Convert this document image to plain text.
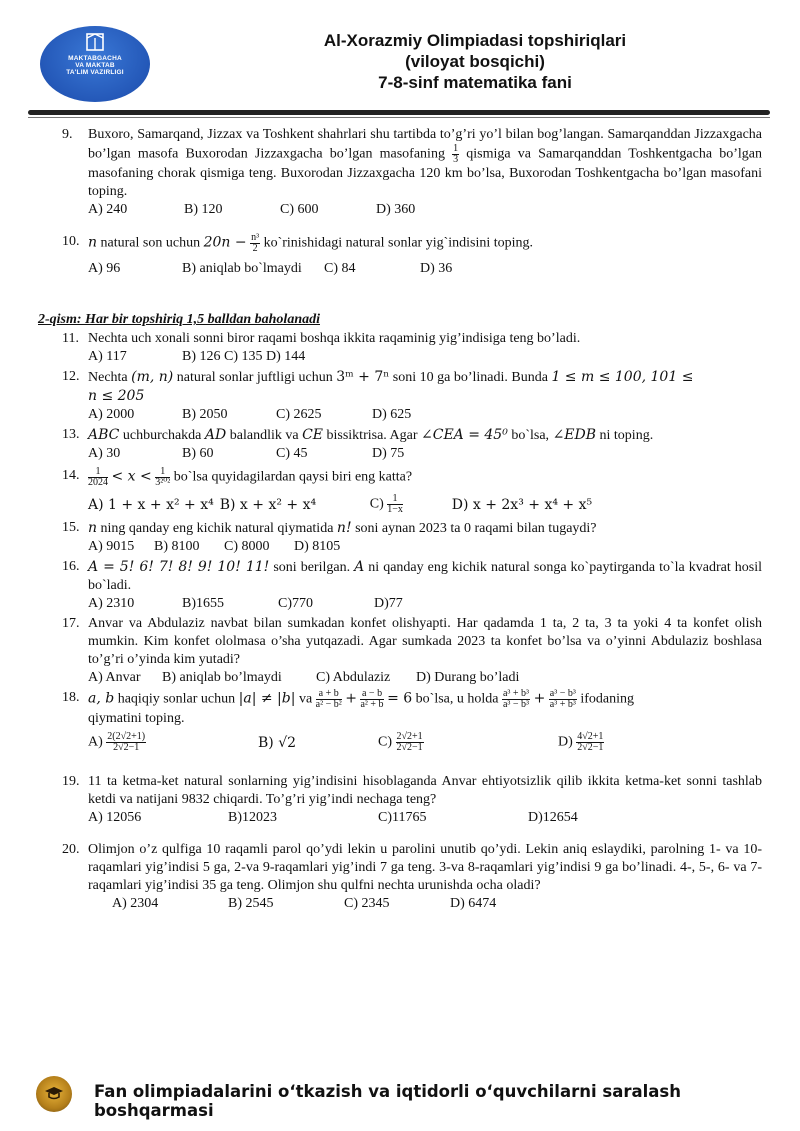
MAKTABGACHA
VA MAKTAB
TA'LIM VAZIRLIGI
Al-Xorazmiy Olimpiadasi topshiriqlari
(viloyat bosqichi)
7-8-sinf matematika fani
9. Buxoro, Samarqand, Jizzax va Toshkent shahrlari shu tartibda to’g’ri yo’l bilan bog’langan. Samarqanddan Jizzaxgacha bo’lgan masofa Buxorodan Jizzaxgacha bo’lgan masofaning $\frac{1}{3}$ qismiga va Samarqanddan Toshkentgacha bo’lgan masofaning chorak qismiga teng. Buxorodan Jizzaxgacha 120 km bo’lsa, Buxorodan Toshkentgacha bo’lgan masofani toping.
A) 240	B) 120	C) 600	D) 360
10. n natural son uchun $20n - \frac{\text{n³}}{2}$ ko`rinishidagi natural sonlar yig`indisini toping.
A) 96	B) aniqlab bo`lmaydi	C) 84	D) 36
2-qism: Har bir topshiriq 1,5 balldan baholanadi
11. Nechta uch xonali sonni biror raqami boshqa ikkita raqaminig yig’indisiga teng bo’ladi.
A) 117	B) 126 C) 135 D) 144
12. Nechta (m, n) natural sonlar juftligi uchun 3ᵐ + 7ⁿ soni 10 ga bo’linadi. Bunda 1 ≤ m ≤ 100, 101 ≤
n ≤ 205
A) 2000	B) 2050	C) 2625	D) 625
13. ABC uchburchakda AD balandlik va CE bissiktrisa. Agar ∠CEA = 45⁰ bo`lsa, ∠EDB ni toping.
A) 30	B) 60	C) 45	D) 75
14. $\frac{1}{2024} < x < \frac{1}{\text{3²⁰²}}$ bo`lsa quyidagilardan qaysi biri eng katta?
A) 1 + x + x² + x⁴ B) x + x² + x⁴	$C) \frac{1}{1-x}$	D) x + 2x³ + x⁴ + x⁵
15. n ning qanday eng kichik natural qiymatida n! soni aynan 2023 ta 0 raqami bilan tugaydi?
A) 9015	B) 8100	C) 8000	D) 8105
16. A = 5! 6! 7! 8! 9! 10! 11! soni berilgan. A ni qanday eng kichik natural songa ko`paytirganda to`la kvadrat hosil bo`ladi.
A) 2310	B)1655	C)770	D)77
17. Anvar va Abdulaziz navbat bilan sumkadan konfet olishyapti. Har qadamda 1 ta, 2 ta, 3 ta yoki 4 ta konfet olish mumkin. Kim konfet ololmasa o’sha yutqazadi. Agar sumkada 2023 ta konfet bo’lsa va o’yinni Abdulaziz boshlasa to’g’ri o’yinda kim yutadi?
A) Anvar	B) aniqlab bo’lmaydi	C) Abdulaziz	D) Durang bo’ladi
18. a, b haqiqiy sonlar uchun |a| ≠ |b| va $\frac{a + b}{\text{a² − b²}} + \frac{a - b}{\text{a² + b}} = 6$ bo`lsa, u holda $\frac{\text{a³ + b³}}{\text{a³ − b³}} + \frac{\text{a³ − b³}}{\text{a³ + b³}}$ ifodaning
qiymatini toping.
$A) \frac{2(2√2+1)}{2√2-1}$	B) √2	$C) \frac{2√2+1}{2√2-1}$	$D) \frac{4√2+1}{2√2-1}$
19. 11 ta ketma-ket natural sonlarning yig’indisini hisoblaganda Anvar ehtiyotsizlik qilib ikkita ketma-ket sonni tashlab ketdi va natijani 9832 chiqardi. To’g’ri yig’indi nechaga teng?
A) 12056	B)12023	C)11765	D)12654
20. Olimjon o’z qulfiga 10 raqamli parol qo’ydi lekin u parolini unutib qo’ydi. Lekin aniq eslaydiki, parolning 1- va 10-raqamlari yig’indisi 5 ga, 2-va 9-raqamlari yig’indi 7 ga teng. 3-va 8-raqamlari yig’indisi 9 ga bo’linadi. 4-, 5-, 6- va 7- raqamlari yig’indisi 35 ga teng. Olimjon shu qulfni nechta urunishda ocha oladi?
A) 2304	B) 2545	C) 2345	D) 6474
Fan olimpiadalarini o‘tkazish va iqtidorli o‘quvchilarni saralash boshqarmasi
